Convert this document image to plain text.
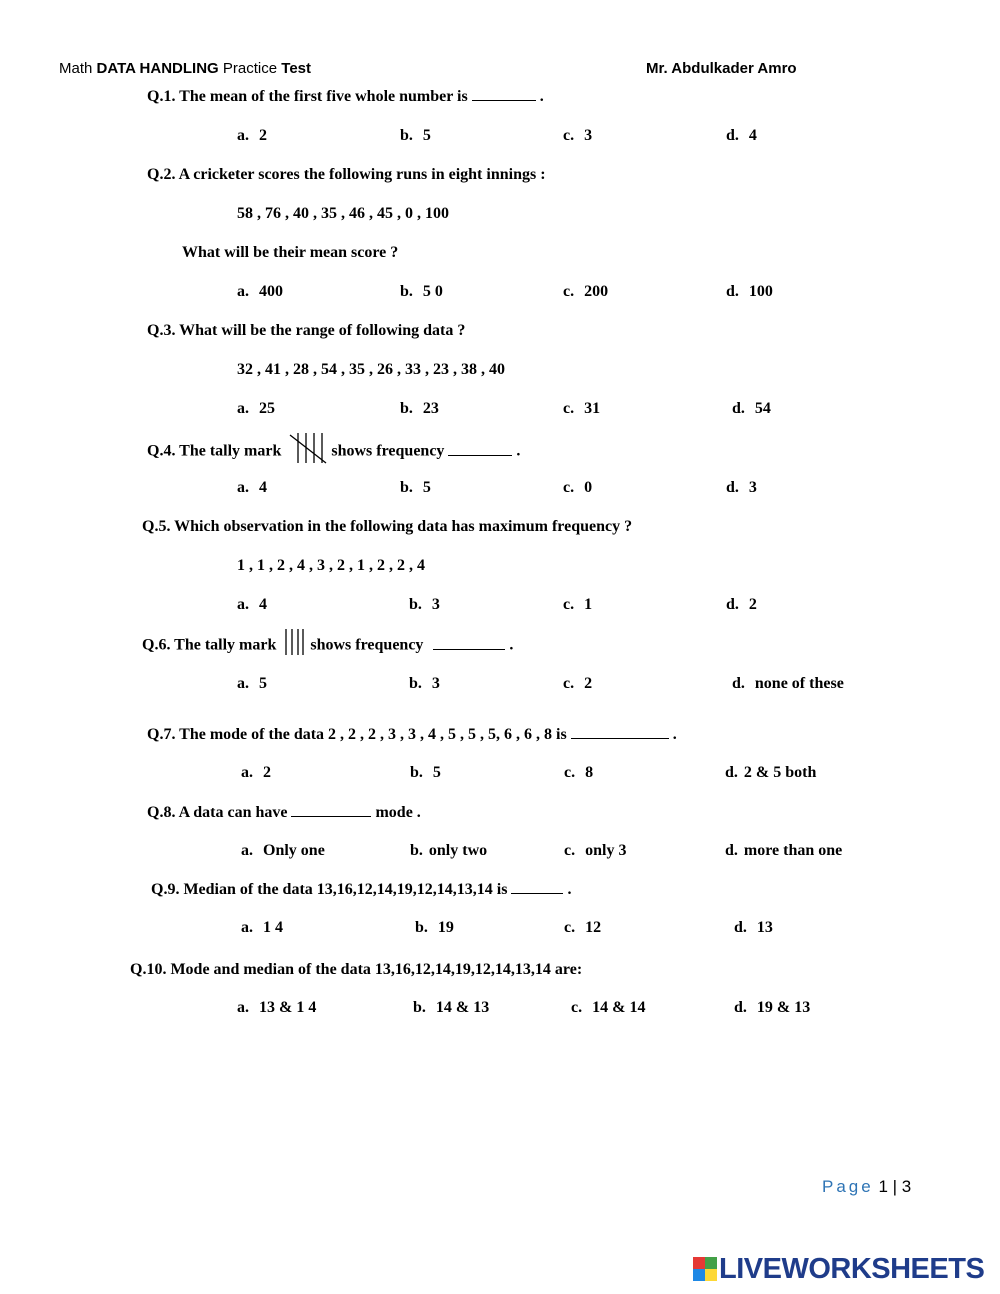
Math DATA HANDLING Practice Test	Mr. Abdulkader Amro
Q.1. The mean of the first five whole number is	.
a. 2	b. 5	c. 3	d. 4
Q.2. A cricketer scores the following runs in eight innings :
58 , 76 , 40 , 35 , 46 , 45 , 0 , 100
What will be their mean score ?
a. 400	b. 5 0	c. 200	d. 100
Q.3. What will be the range of following data ?
32 , 41 , 28 , 54 , 35 , 26 , 33 , 23 , 38 , 40
a. 25	b. 23	c. 31	d. 54
Q.4. The tally mark	shows frequency	.
a. 4	b. 5	c. 0	d. 3
Q.5. Which observation in the following data has maximum frequency ?
1 , 1 , 2 , 4 , 3 , 2 , 1 , 2 , 2 , 4
a. 4	b. 3	c. 1	d. 2
Q.6. The tally mark shows frequency	.
a. 5	b. 3	c. 2	d. none of these
Q.7. The mode of the data 2 , 2 , 2 , 3 , 3 , 4 , 5 , 5 , 5, 6 , 6 , 8 is	.
a. 2	b. 5	c. 8	d. 2 & 5 both
Q.8. A data can have	mode .
a. Only one	b. only two	c. only 3	d. more than one
Q.9. Median of the data 13,16,12,14,19,12,14,13,14 is	.
a. 1 4	b. 19	c. 12	d. 13
Q.10. Mode and median of the data 13,16,12,14,19,12,14,13,14 are:
a. 13 & 1 4	b. 14 & 13	c. 14 & 14	d. 19 & 13
Page 1 | 3
LIVEWORKSHEETS
